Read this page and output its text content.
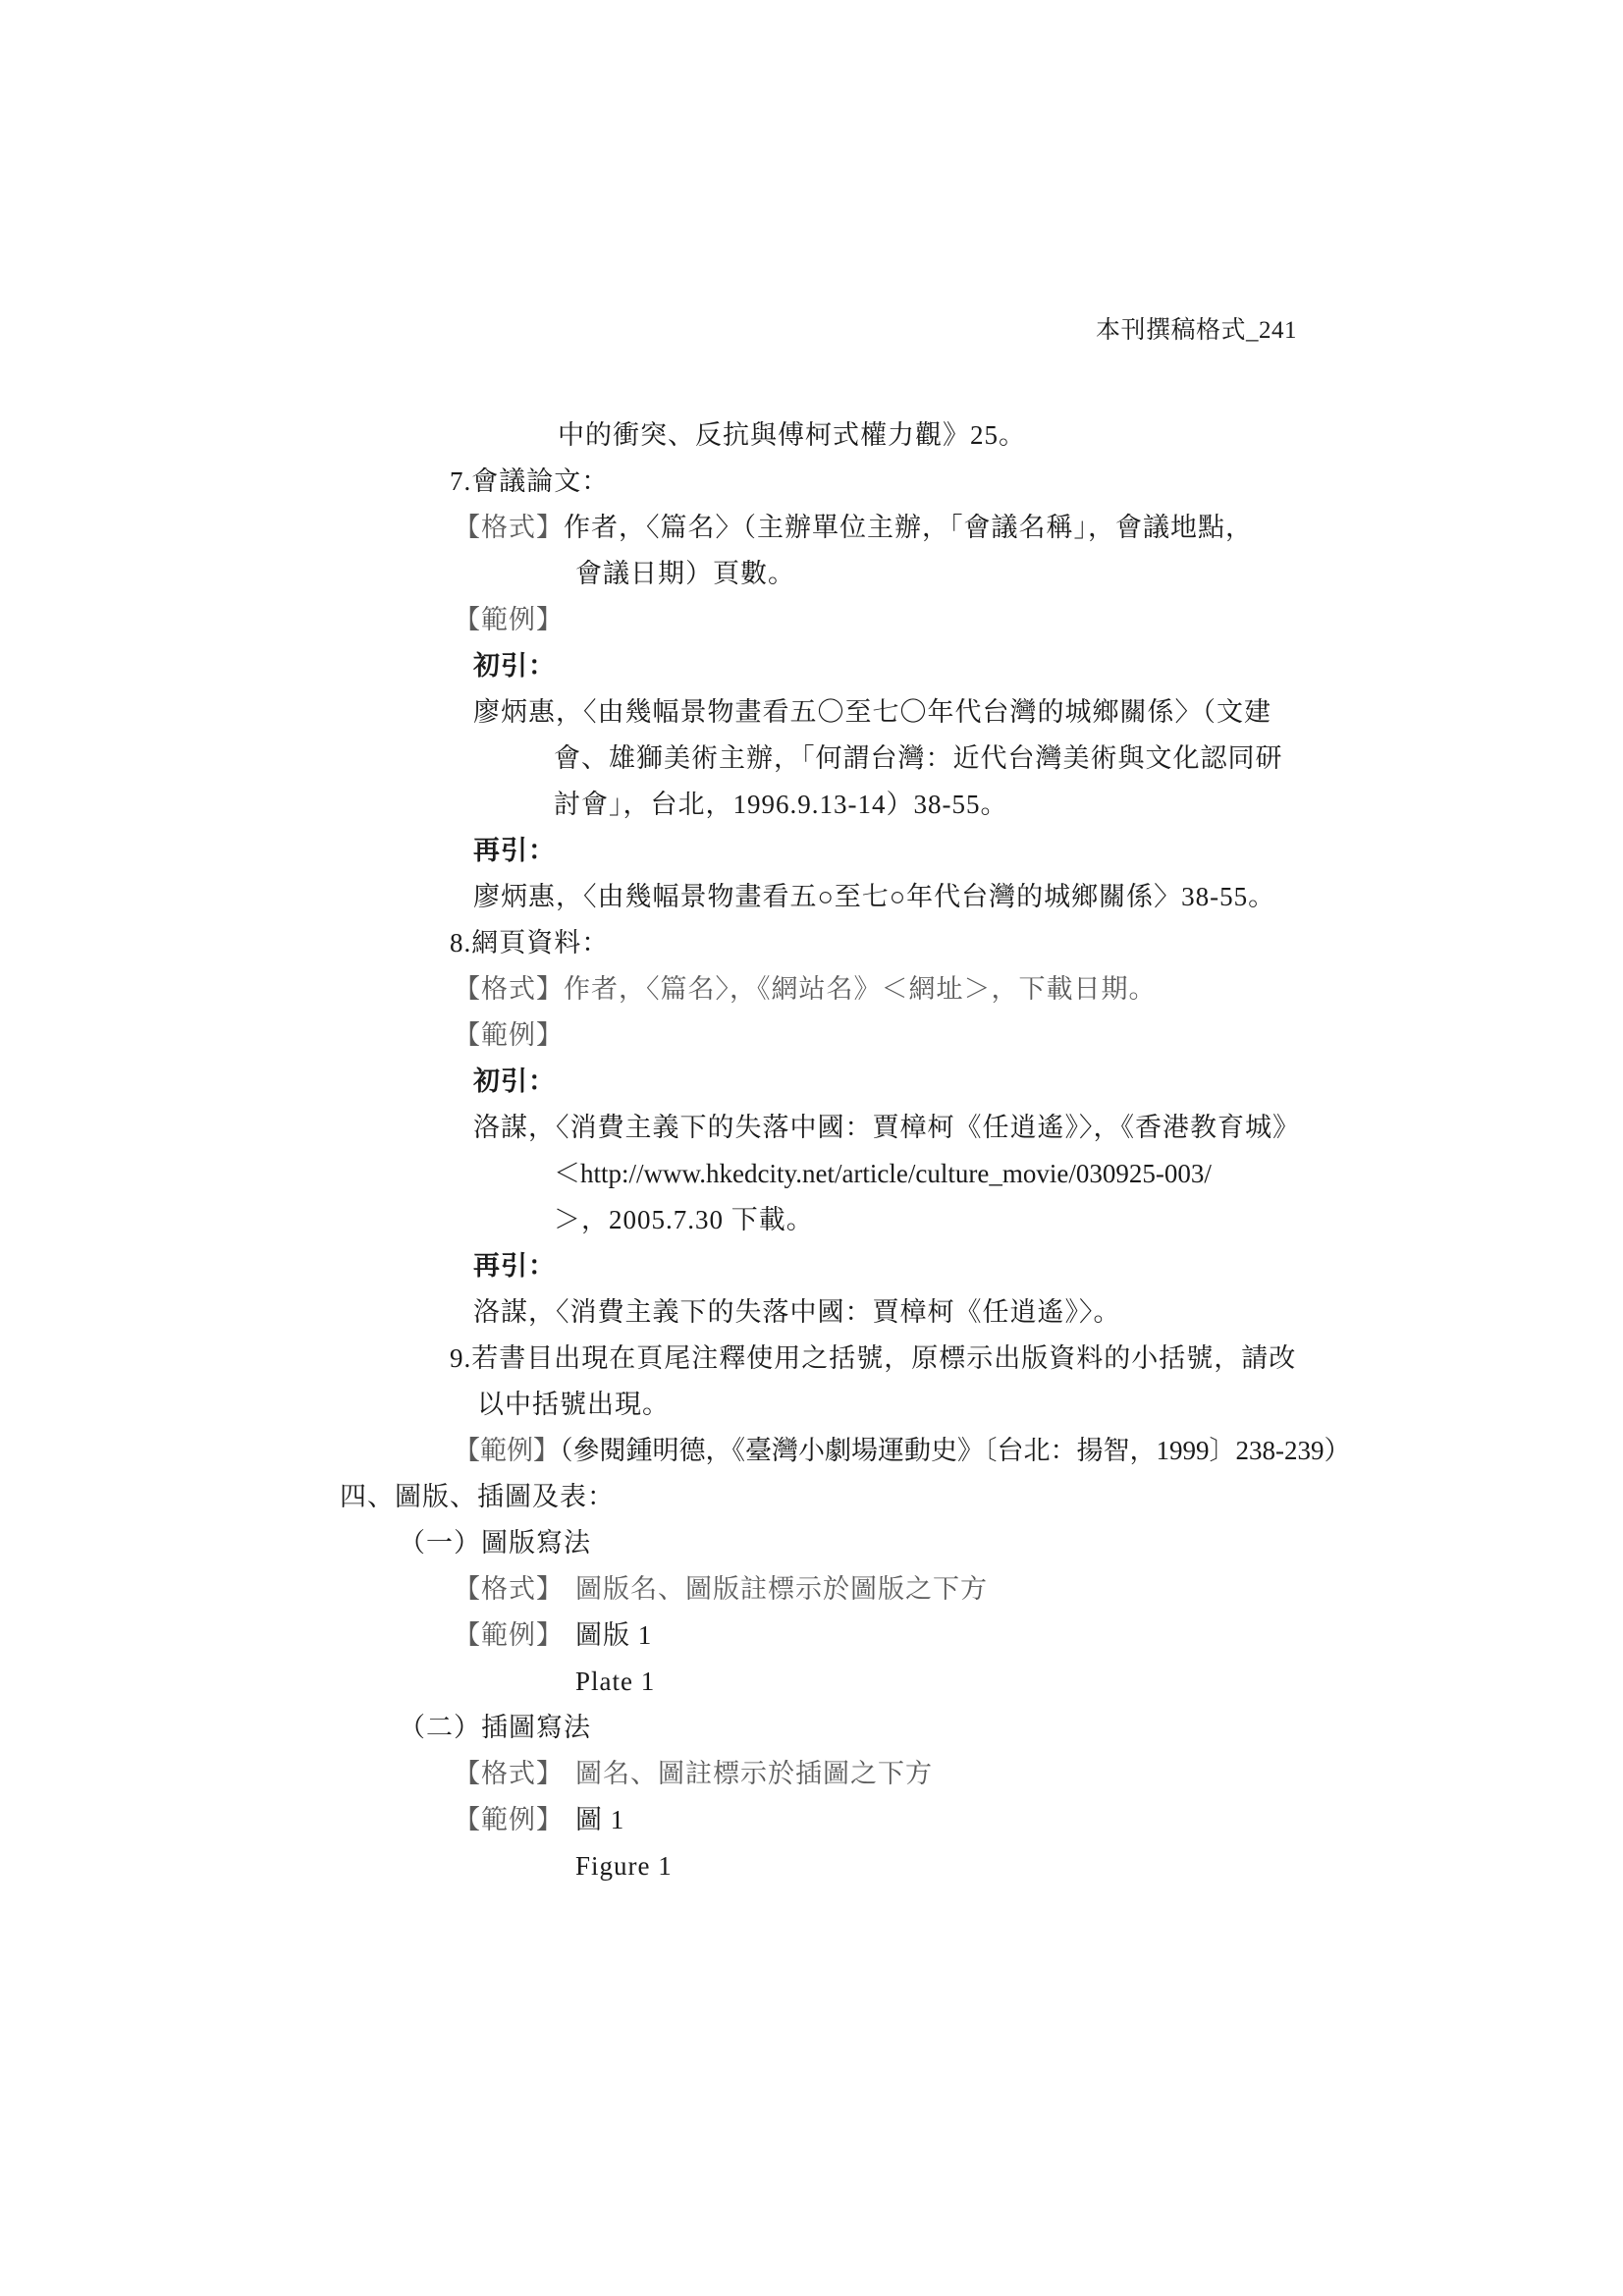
本刊撰稿格式_241
中的衝突、反抗與傅柯式權力觀》25。
7.會議論文：
【格式】作者，〈篇名〉（主辦單位主辦，「會議名稱」，會議地點，
會議日期）頁數。
【範例】
初引：
廖炳惠，〈由幾幅景物畫看五〇至七〇年代台灣的城鄉關係〉（文建
會、雄獅美術主辦，「何謂台灣：近代台灣美術與文化認同研
討會」，台北，1996.9.13-14）38-55。
再引：
廖炳惠，〈由幾幅景物畫看五○至七○年代台灣的城鄉關係〉38-55。
8.網頁資料：
【格式】作者，〈篇名〉，《網站名》＜網址＞，下載日期。
【範例】
初引：
洛謀，〈消費主義下的失落中國：賈樟柯《任逍遙》〉，《香港教育城》
＜http://www.hkedcity.net/article/culture_movie/030925-003/
＞，2005.7.30 下載。
再引：
洛謀，〈消費主義下的失落中國：賈樟柯《任逍遙》〉。
9.若書目出現在頁尾注釋使用之括號，原標示出版資料的小括號，請改
以中括號出現。
【範例】（參閱鍾明德，《臺灣小劇場運動史》〔台北：揚智，1999〕238-239）
四、圖版、插圖及表：
（一）圖版寫法
【格式】 圖版名、圖版註標示於圖版之下方
【範例】 圖版 1
Plate 1
（二）插圖寫法
【格式】 圖名、圖註標示於插圖之下方
【範例】 圖 1
Figure 1
